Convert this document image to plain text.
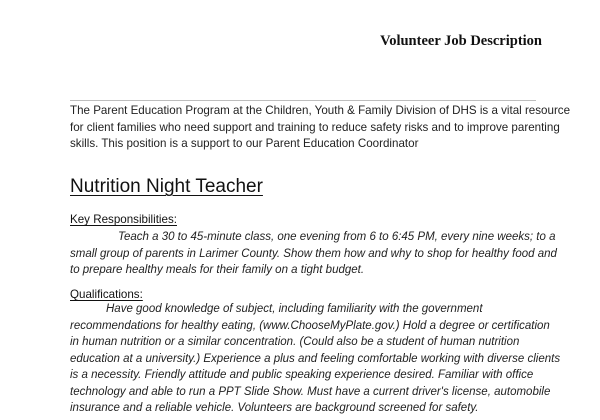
Volunteer Job Description
The Parent Education Program at the Children, Youth & Family Division of DHS is a vital resource
for client families who need support and training to reduce safety risks and to improve parenting
skills. This position is a support to our Parent Education Coordinator
Nutrition Night Teacher
Key Responsibilities:
Teach a 30 to 45-minute class, one evening from 6 to 6:45 PM, every nine weeks; to a
small group of parents in Larimer County. Show them how and why to shop for healthy food and
to prepare healthy meals for their family on a tight budget.
Qualifications:
Have good knowledge of subject, including familiarity with the government
recommendations for healthy eating, (www.ChooseMyPlate.gov.) Hold a degree or certification
in human nutrition or a similar concentration. (Could also be a student of human nutrition
education at a university.) Experience a plus and feeling comfortable working with diverse clients
is a necessity. Friendly attitude and public speaking experience desired. Familiar with office
technology and able to run a PPT Slide Show. Must have a current driver's license, automobile
insurance and a reliable vehicle. Volunteers are background screened for safety.
